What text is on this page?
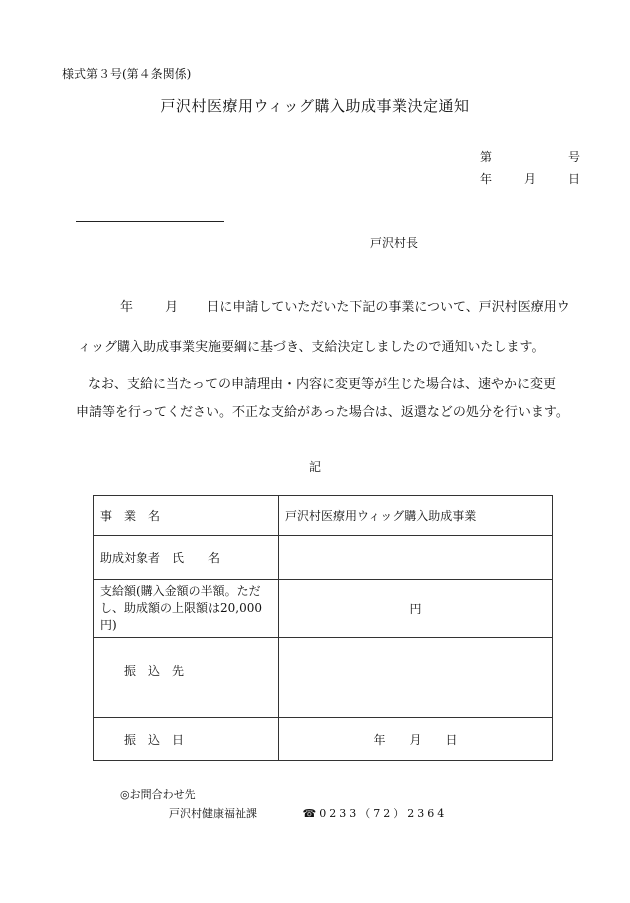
様式第３号(第４条関係)
戸沢村医療用ウィッグ購入助成事業決定通知
第	号
年	月	日
戸沢村長
年 月 日に申請していただいた下記の事業について、戸沢村医療用ウ
ィッグ購入助成事業実施要綱に基づき、支給決定しましたので通知いたします。
なお、支給に当たっての申請理由・内容に変更等が生じた場合は、速やかに変更
申請等を行ってください。不正な支給があった場合は、返還などの処分を行います。
記
事　業　名	戸沢村医療用ウィッグ購入助成事業
助成対象者　氏　　名	
支給額(購入金額の半額。ただし、助成額の上限額は20,000円)	円
振　込　先	
振　込　日	年　　月　　日
◎お問合わせ先
戸沢村健康福祉課	☎0233（72）2364
